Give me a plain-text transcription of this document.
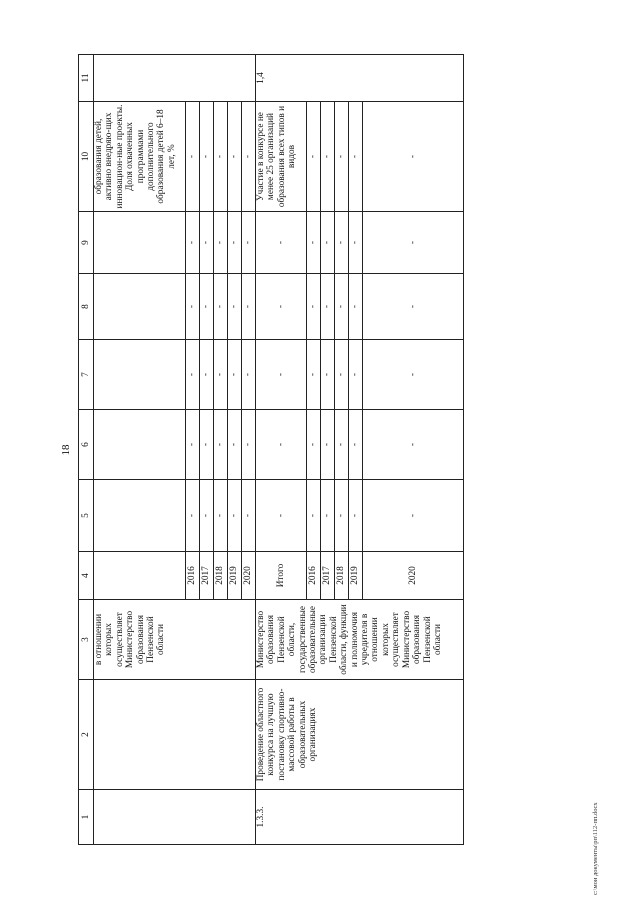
18
1	2	3	4	5	6	7	8	9	10	11
		в отношении которых осуществляет Министерство образования Пензенской области							образования детей, активно внедряю-щих инновацион-ные проекты. Доля охваченных программами дополнительного образования детей 6–18 лет, %	
			2016	-	-	-	-	-	-	
			2017	-	-	-	-	-	-	
			2018	-	-	-	-	-	-	
			2019	-	-	-	-	-	-	
			2020	-	-	-	-	-	-	
1.3.3.	Проведение областного конкурса на лучшую постановку спортивно-массовой работы в образовательных организациях	Министерство образования Пензенской области, государственные образовательные организации Пензенской области, функции и полномочия учредителя в отношении которых осуществляет Министерство образования Пензенской области	Итого	-	-	-	-	-	Участие в конкурсе не менее 25 организаций образования всех типов и видов	1,4
			2016	-	-	-	-	-	-	
			2017	-	-	-	-	-	-	
			2018	-	-	-	-	-	-	
			2019	-	-	-	-	-	-	
			2020	-	-	-	-	-	-	
c:\мои документы\рп\112-пп.docx
